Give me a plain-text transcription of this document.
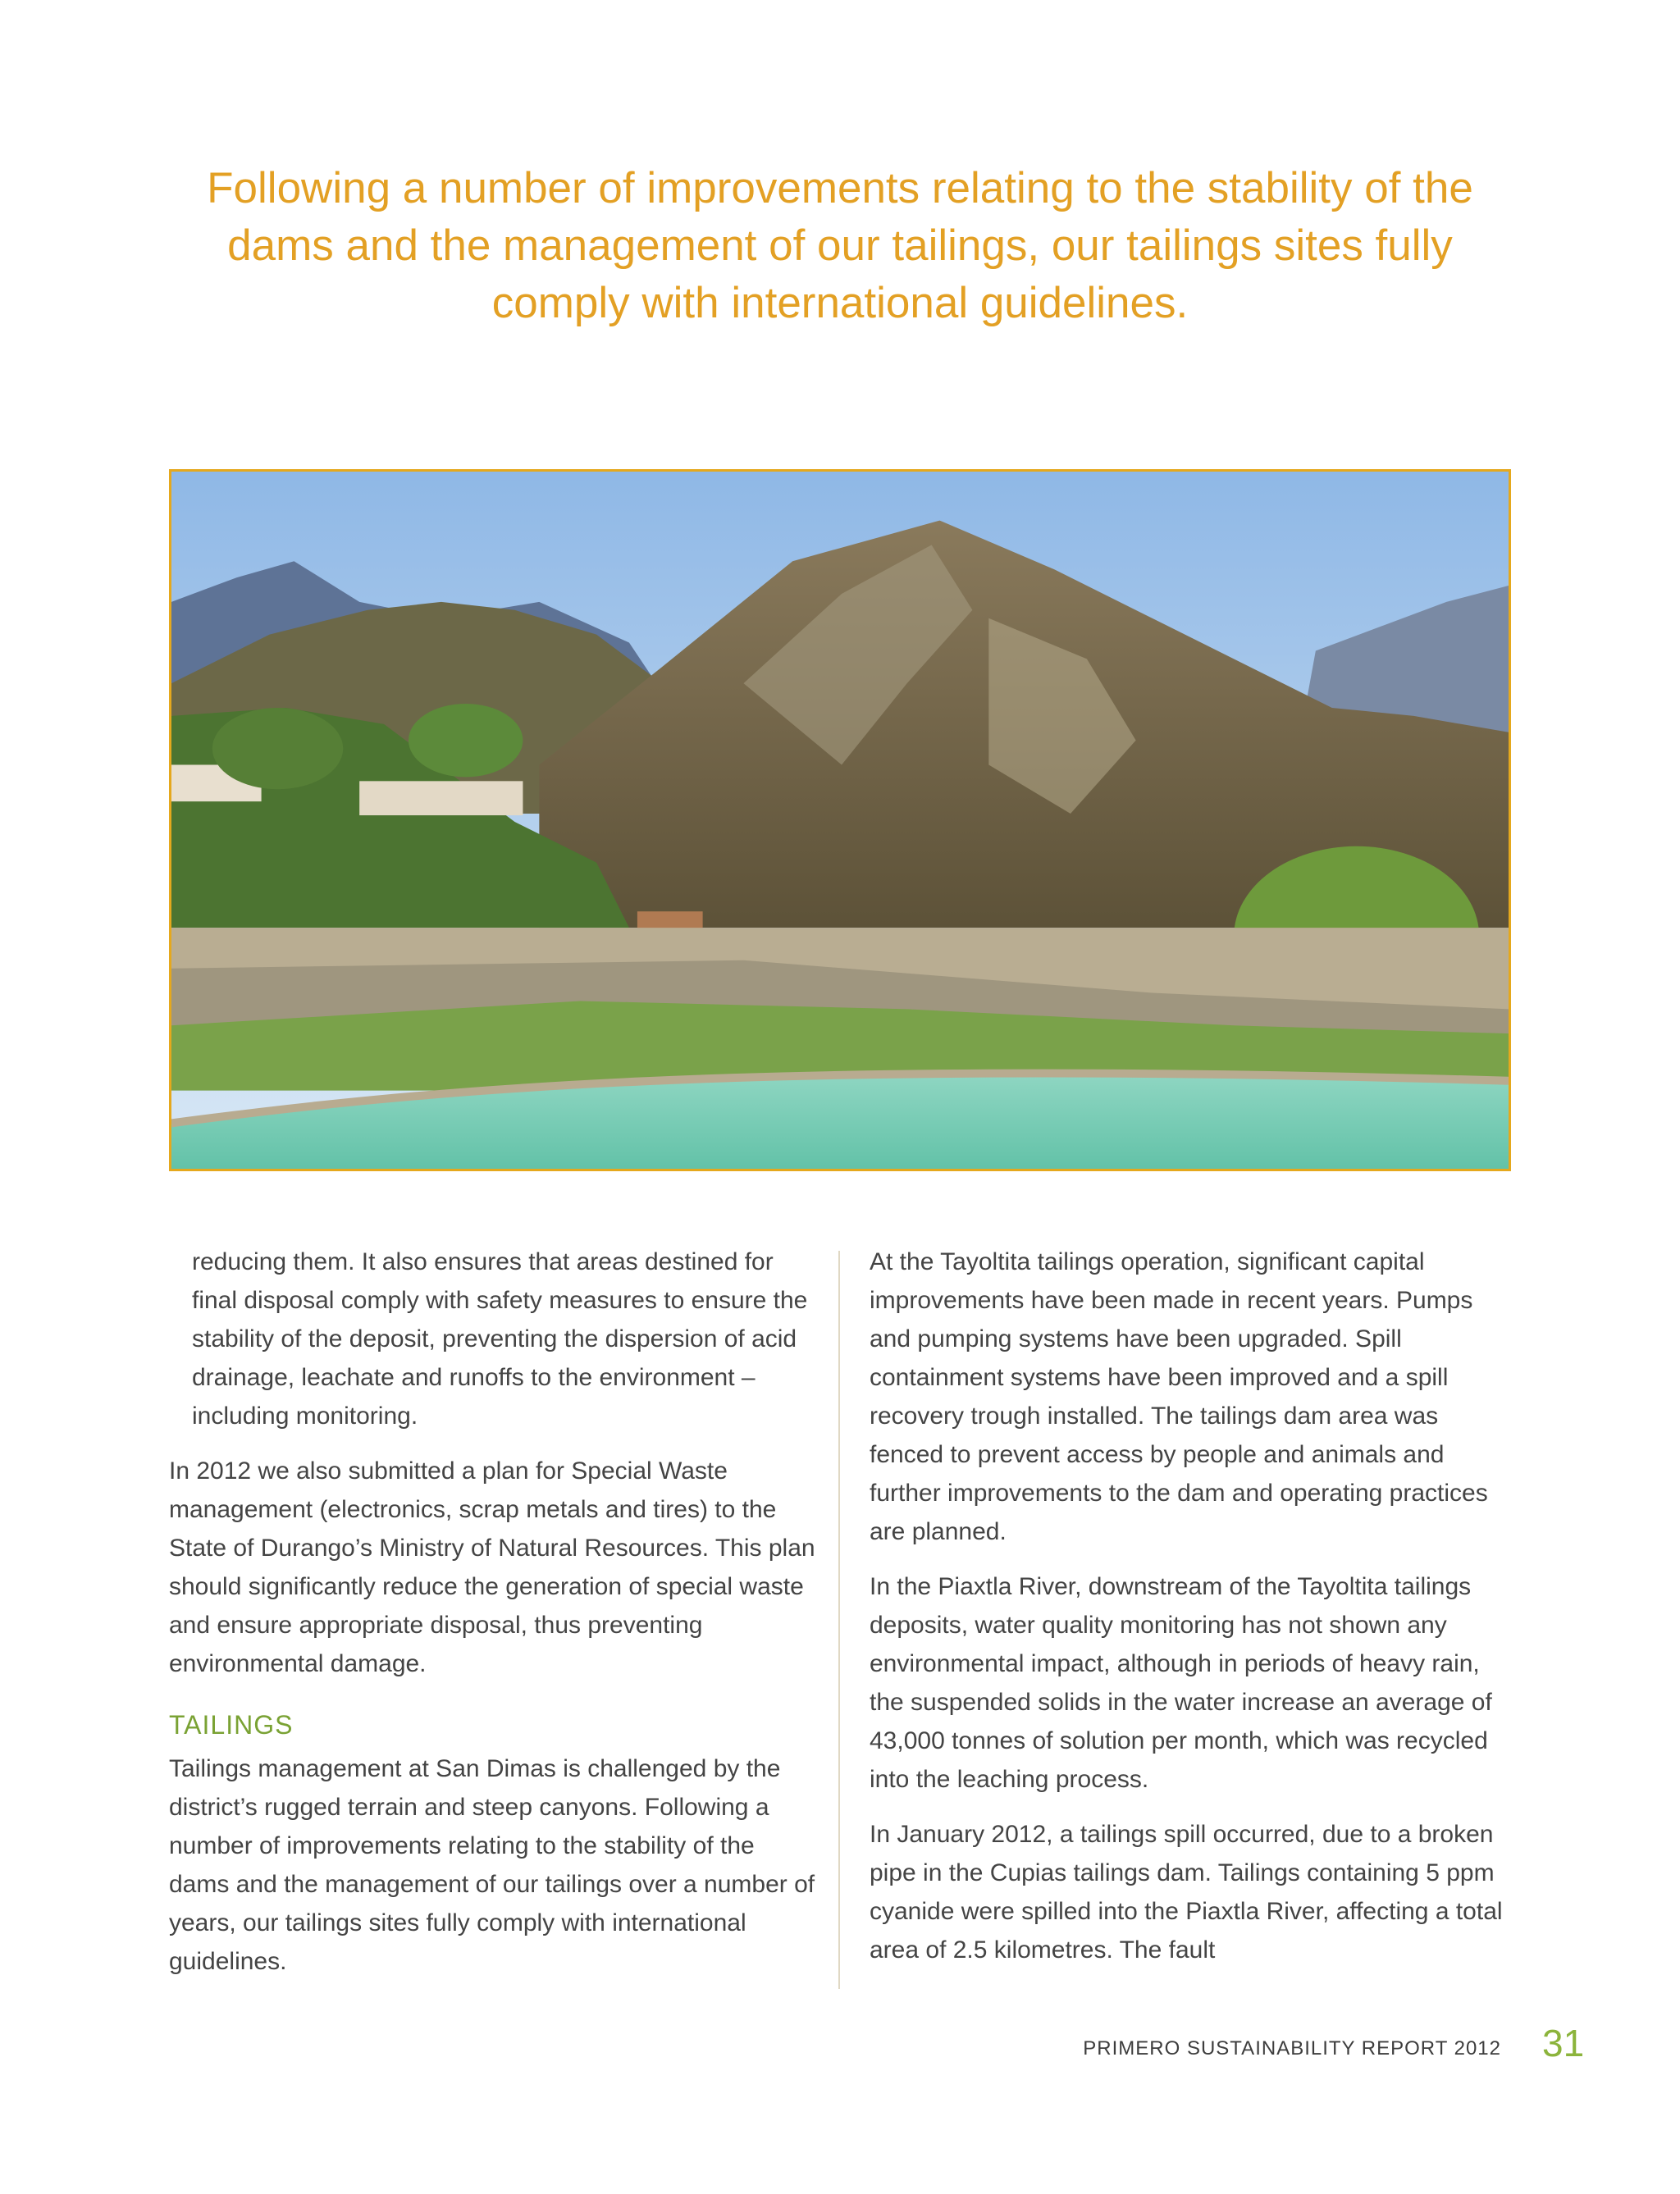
Following a number of improvements relating to the stability of the dams and the management of our tailings, our tailings sites fully comply with international guidelines.

reducing them. It also ensures that areas destined for final disposal comply with safety measures to ensure the stability of the deposit, preventing the dispersion of acid drainage, leachate and runoffs to the environment – including monitoring.

In 2012 we also submitted a plan for Special Waste management (electronics, scrap metals and tires) to the State of Durango’s Ministry of Natural Resources. This plan should significantly reduce the generation of special waste and ensure appropriate disposal, thus preventing environmental damage.

TAILINGS

Tailings management at San Dimas is challenged by the district’s rugged terrain and steep canyons. Following a number of improvements relating to the stability of the dams and the management of our tailings over a number of years, our tailings sites fully comply with international guidelines.

At the Tayoltita tailings operation, significant capital improvements have been made in recent years. Pumps and pumping systems have been upgraded. Spill containment systems have been improved and a spill recovery trough installed. The tailings dam area was fenced to prevent access by people and animals and further improvements to the dam and operating practices are planned.

In the Piaxtla River, downstream of the Tayoltita tailings deposits, water quality monitoring has not shown any environmental impact, although in periods of heavy rain, the suspended solids in the water increase an average of 43,000 tonnes of solution per month, which was recycled into the leaching process.

In January 2012, a tailings spill occurred, due to a broken pipe in the Cupias tailings dam. Tailings containing 5 ppm cyanide were spilled into the Piaxtla River, affecting a total area of 2.5 kilometres. The fault

PRIMERO SUSTAINABILITY REPORT 2012 31
